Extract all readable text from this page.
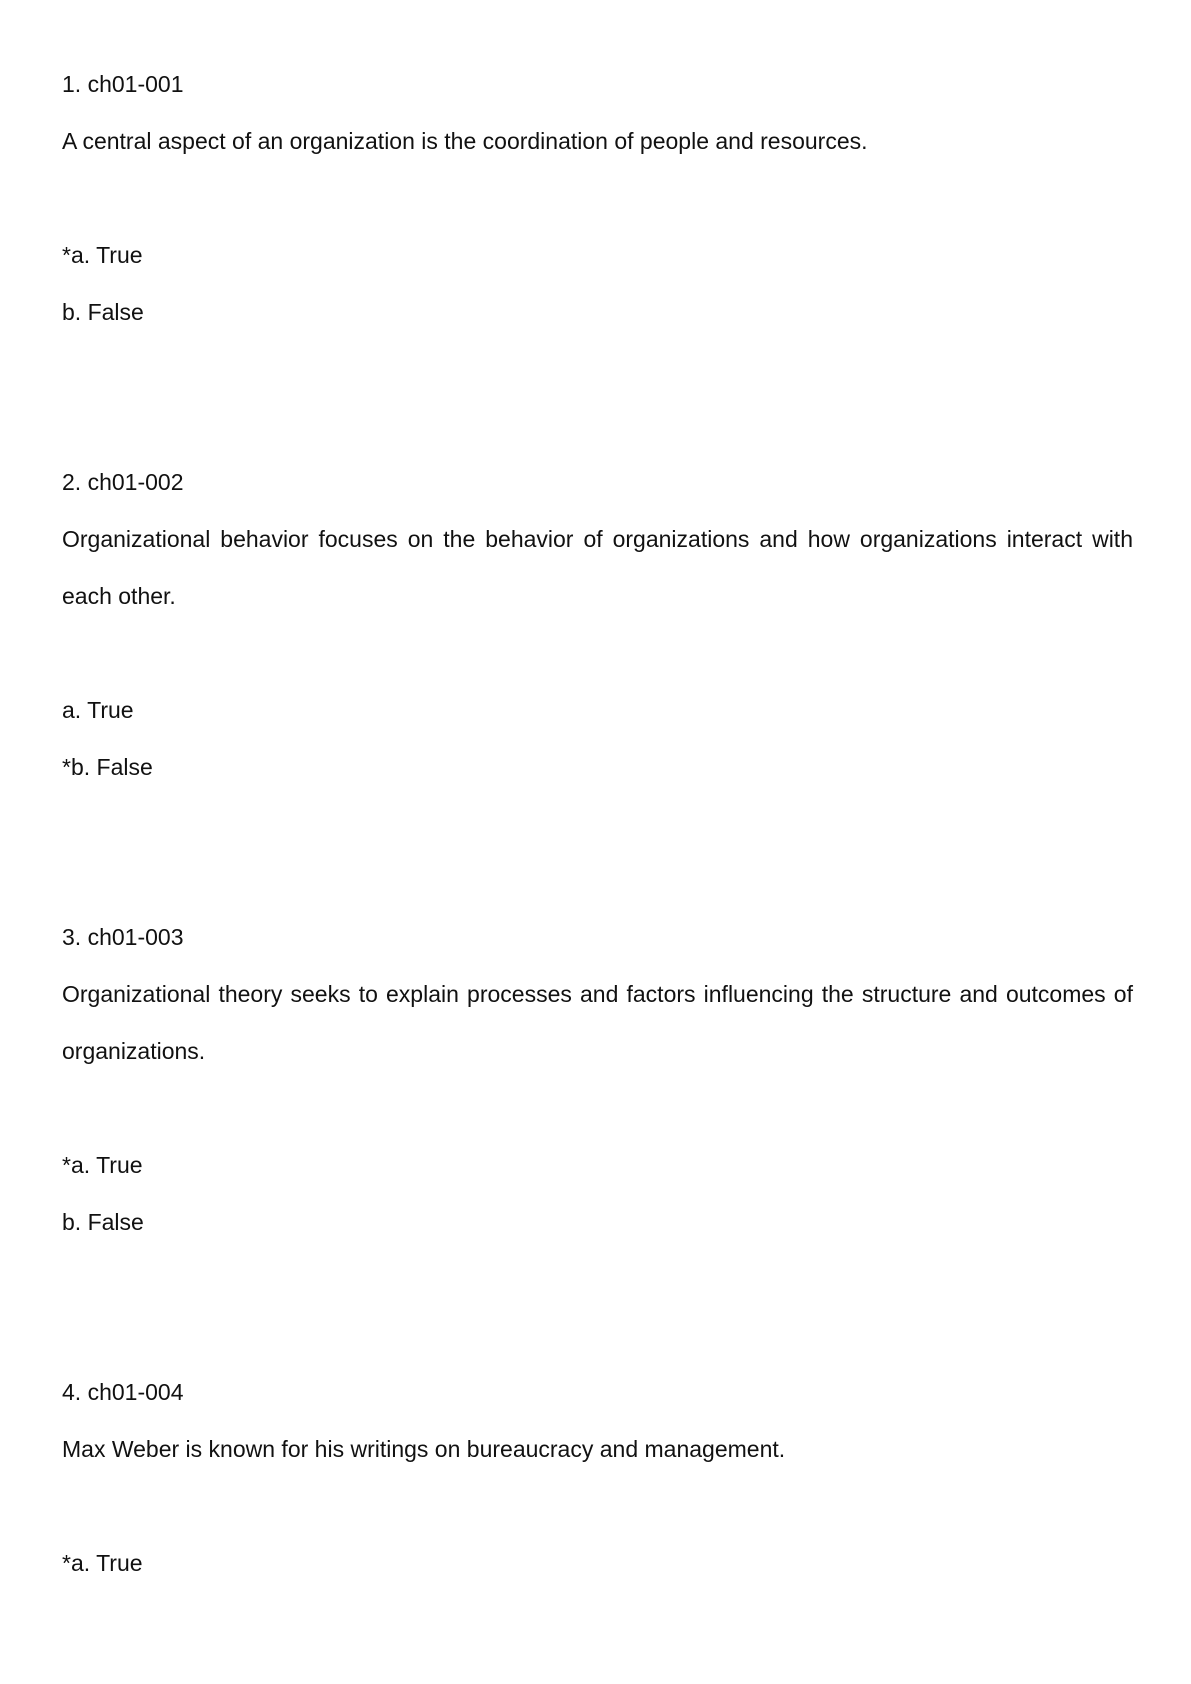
1. ch01-001
A central aspect of an organization is the coordination of people and resources.
*a. True
b. False
2. ch01-002
Organizational behavior focuses on the behavior of organizations and how organizations interact with each other.
a. True
*b. False
3. ch01-003
Organizational theory seeks to explain processes and factors influencing the structure and outcomes of organizations.
*a. True
b. False
4. ch01-004
Max Weber is known for his writings on bureaucracy and management.
*a. True
